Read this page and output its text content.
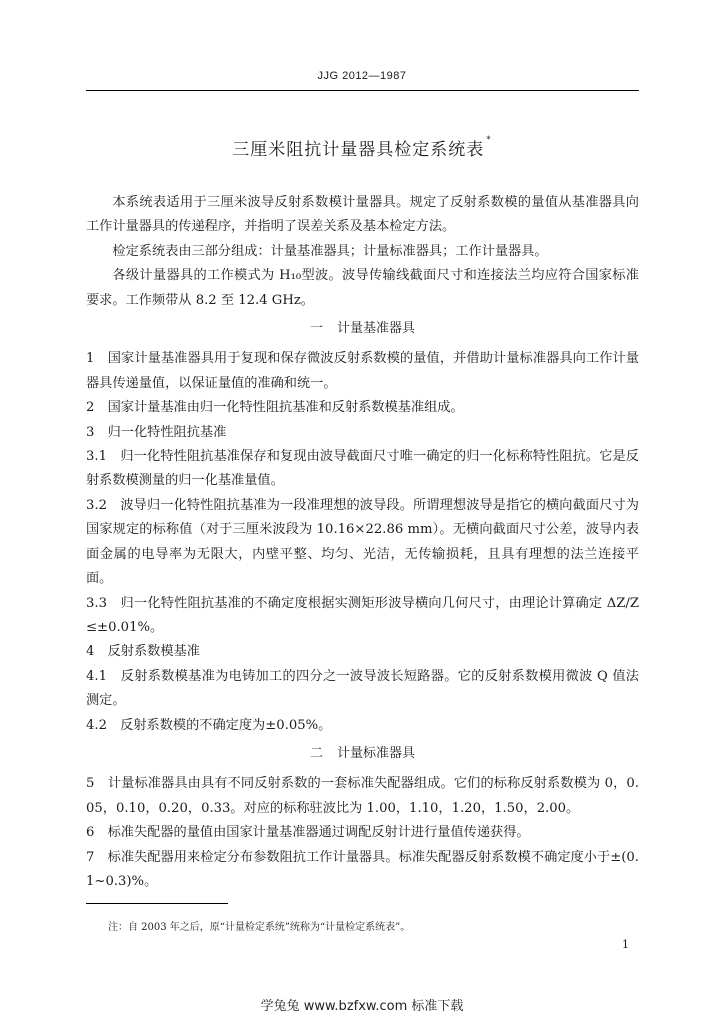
JJG 2012—1987
三厘米阻抗计量器具检定系统表 *

本系统表适用于三厘米波导反射系数模计量器具。规定了反射系数模的量值从基准器具向工作计量器具的传递程序，并指明了误差关系及基本检定方法。

检定系统表由三部分组成：计量基准器具；计量标准器具；工作计量器具。

各级计量器具的工作模式为 H₁₀型波。波导传输线截面尺寸和连接法兰均应符合国家标准要求。工作频带从 8.2 至 12.4 GHz。

一 计量基准器具

1　国家计量基准器具用于复现和保存微波反射系数模的量值，并借助计量标准器具向工作计量器具传递量值，以保证量值的准确和统一。

2　国家计量基准由归一化特性阻抗基准和反射系数模基准组成。

3　归一化特性阻抗基准

3.1　归一化特性阻抗基准保存和复现由波导截面尺寸唯一确定的归一化标称特性阻抗。它是反射系数模测量的归一化基准量值。

3.2　波导归一化特性阻抗基准为一段准理想的波导段。所谓理想波导是指它的横向截面尺寸为国家规定的标称值（对于三厘米波段为 10.16×22.86 mm）。无横向截面尺寸公差，波导内表面金属的电导率为无限大，内壁平整、均匀、光洁，无传输损耗，且具有理想的法兰连接平面。

3.3　归一化特性阻抗基准的不确定度根据实测矩形波导横向几何尺寸，由理论计算确定 ΔZ/Z≤±0.01%。

4　反射系数模基准

4.1　反射系数模基准为电铸加工的四分之一波导波长短路器。它的反射系数模用微波 Q 值法测定。

4.2　反射系数模的不确定度为±0.05%。

二 计量标准器具

5　计量标准器具由具有不同反射系数的一套标准失配器组成。它们的标称反射系数模为 0，0.05，0.10，0.20，0.33。对应的标称驻波比为 1.00，1.10，1.20，1.50，2.00。

6　标准失配器的量值由国家计量基准器通过调配反射计进行量值传递获得。

7　标准失配器用来检定分布参数阻抗工作计量器具。标准失配器反射系数模不确定度小于±(0.1~0.3)%。

注：自 2003 年之后，原“计量检定系统”统称为“计量检定系统表”。
1
学兔兔 www.bzfxw.com 标准下载
